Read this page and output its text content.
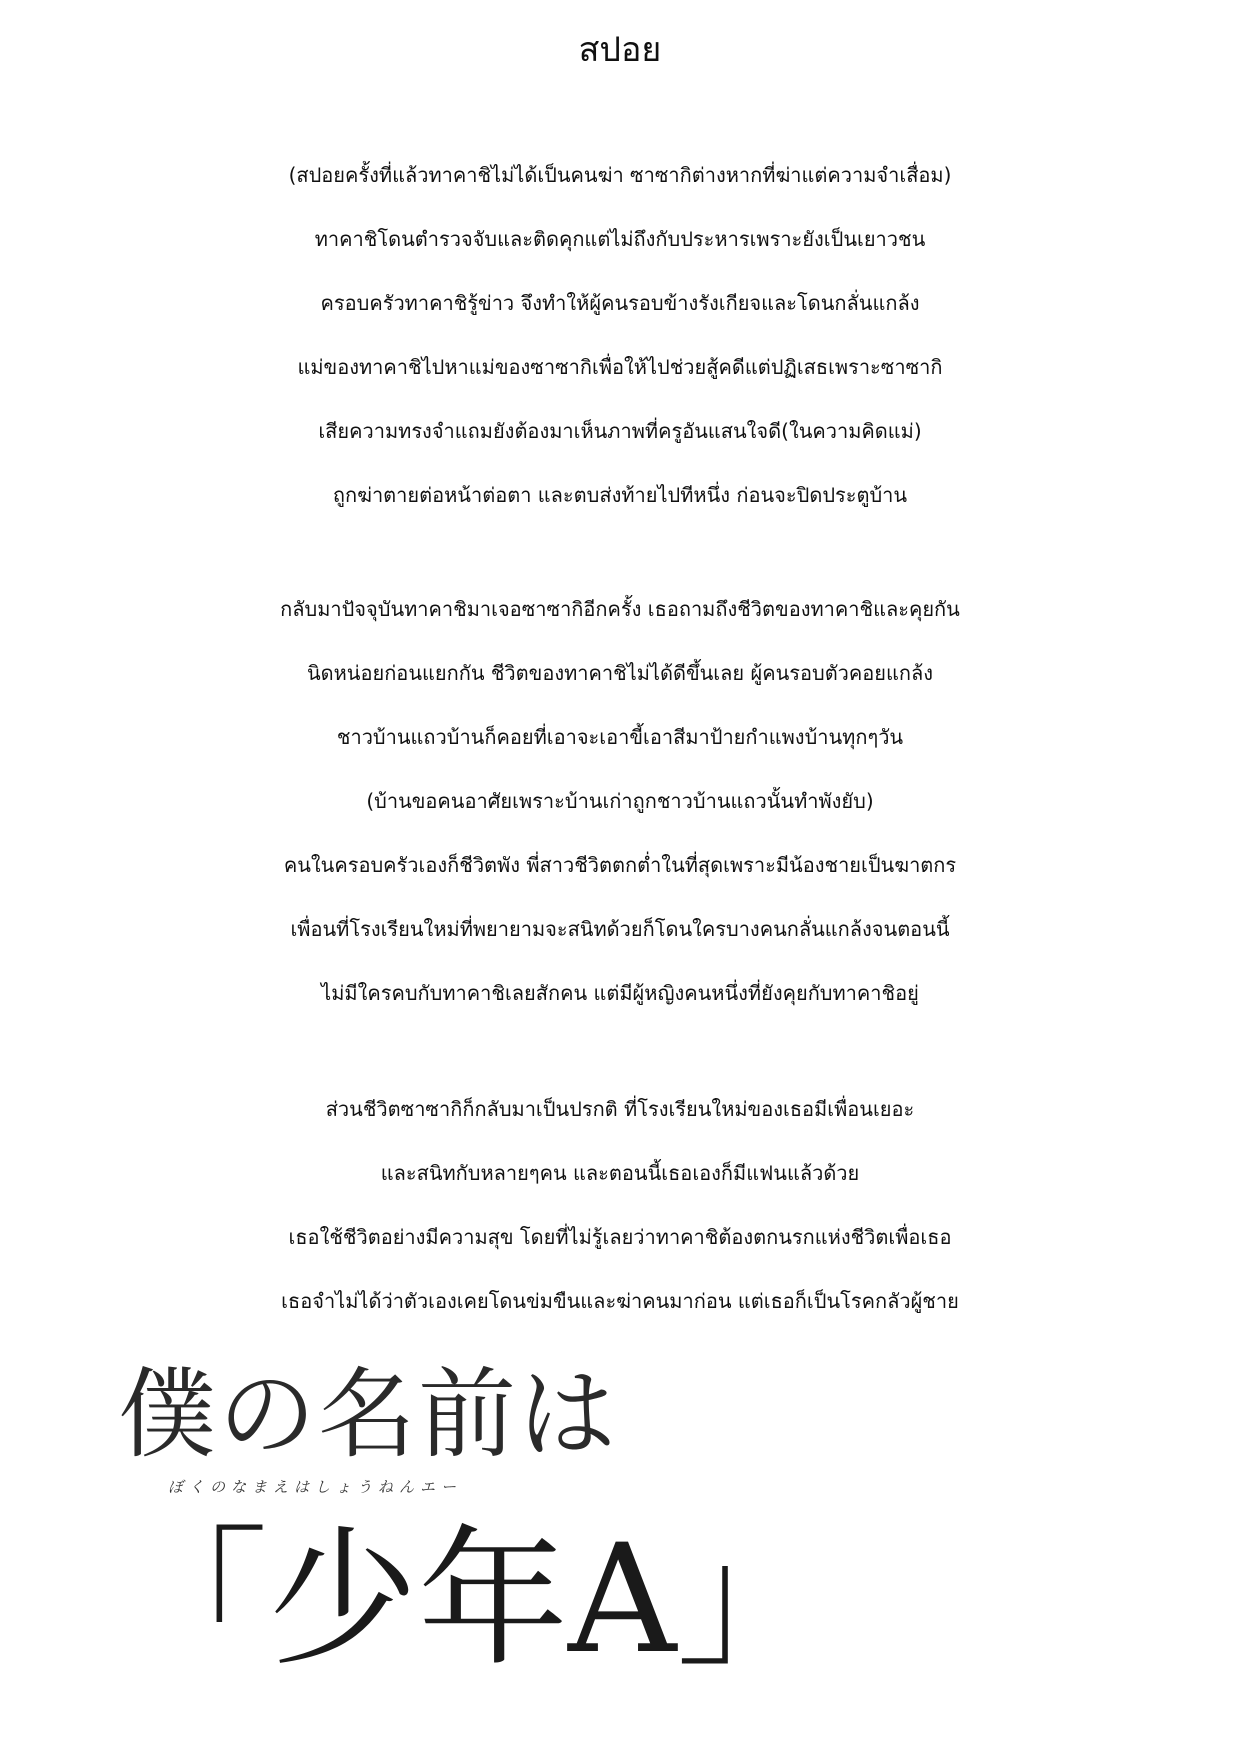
สปอย
(สปอยครั้งที่แล้วทาคาชิไม่ได้เป็นคนฆ่า ซาซากิต่างหากที่ฆ่าแต่ความจำเสื่อม)
ทาคาชิโดนตำรวจจับและติดคุกแต่ไม่ถึงกับประหารเพราะยังเป็นเยาวชน
ครอบครัวทาคาชิรู้ข่าว จึงทำให้ผู้คนรอบข้างรังเกียจและโดนกลั่นแกล้ง
แม่ของทาคาชิไปหาแม่ของซาซากิเพื่อให้ไปช่วยสู้คดีแต่ปฏิเสธเพราะซาซากิ
เสียความทรงจำแถมยังต้องมาเห็นภาพที่ครูอันแสนใจดี(ในความคิดแม่)
ถูกฆ่าตายต่อหน้าต่อตา และตบส่งท้ายไปทีหนึ่ง ก่อนจะปิดประตูบ้าน
กลับมาปัจจุบันทาคาชิมาเจอซาซากิอีกครั้ง เธอถามถึงชีวิตของทาคาชิและคุยกัน
นิดหน่อยก่อนแยกกัน ชีวิตของทาคาชิไม่ได้ดีขึ้นเลย ผู้คนรอบตัวคอยแกล้ง
ชาวบ้านแถวบ้านก็คอยที่เอาจะเอาขี้เอาสีมาป้ายกำแพงบ้านทุกๆวัน
(บ้านขอคนอาศัยเพราะบ้านเก่าถูกชาวบ้านแถวนั้นทำพังยับ)
คนในครอบครัวเองก็ชีวิตพัง พี่สาวชีวิตตกต่ำในที่สุดเพราะมีน้องชายเป็นฆาตกร
เพื่อนที่โรงเรียนใหม่ที่พยายามจะสนิทด้วยก็โดนใครบางคนกลั่นแกล้งจนตอนนี้
ไม่มีใครคบกับทาคาชิเลยสักคน แต่มีผู้หญิงคนหนึ่งที่ยังคุยกับทาคาชิอยู่
ส่วนชีวิตซาซากิก็กลับมาเป็นปรกติ ที่โรงเรียนใหม่ของเธอมีเพื่อนเยอะ
และสนิทกับหลายๆคน และตอนนี้เธอเองก็มีแฟนแล้วด้วย
เธอใช้ชีวิตอย่างมีความสุข โดยที่ไม่รู้เลยว่าทาคาชิต้องตกนรกแห่งชีวิตเพื่อเธอ
เธอจำไม่ได้ว่าตัวเองเคยโดนข่มขืนและฆ่าคนมาก่อน แต่เธอก็เป็นโรคกลัวผู้ชาย
僕の名前は
ぼくのなまえはしょうねんエー
「少年A」
